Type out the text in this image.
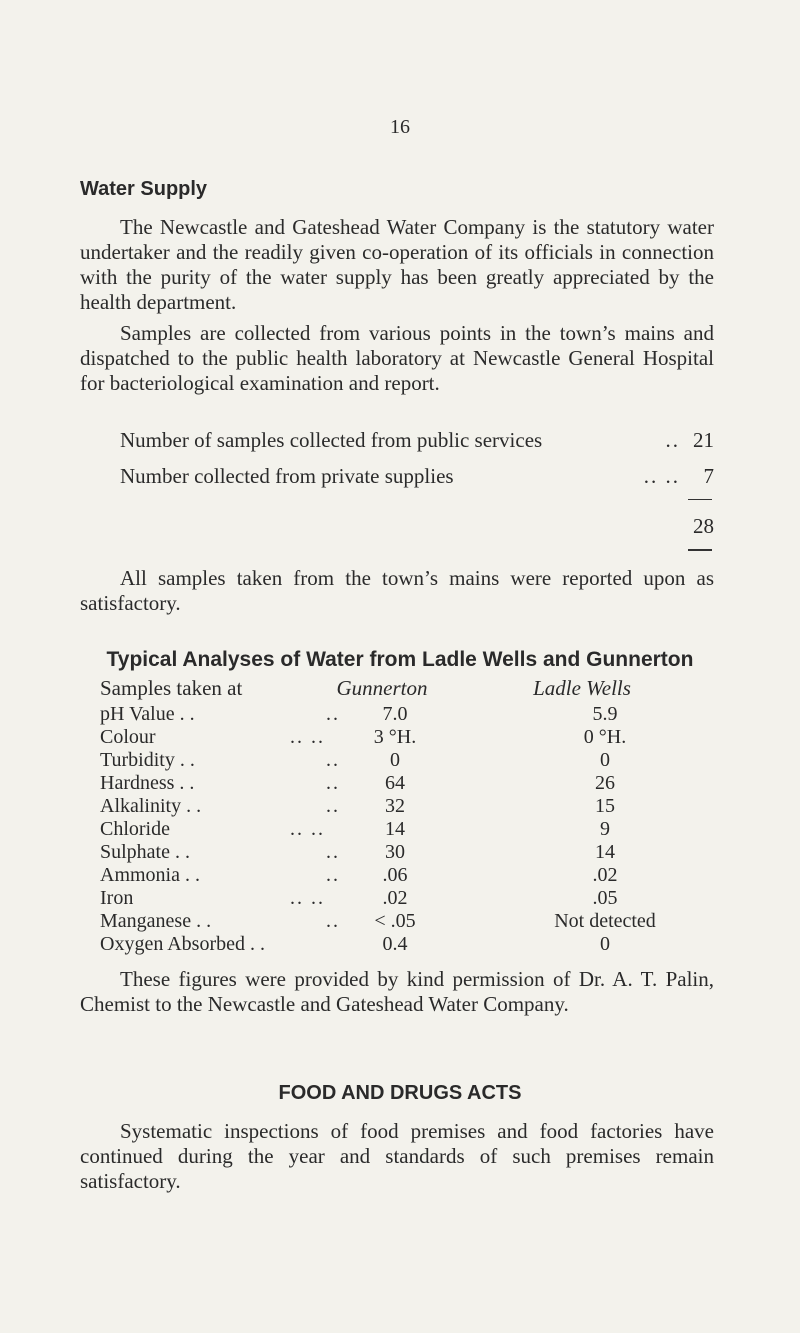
16
Water Supply
The Newcastle and Gateshead Water Company is the statutory water undertaker and the readily given co-operation of its officials in connection with the purity of the water supply has been greatly appreciated by the health department.
Samples are collected from various points in the town’s mains and dispatched to the public health laboratory at Newcastle General Hospital for bacteriological examination and report.
Number of samples collected from public services	.. 21
Number collected from private supplies	.. .. 7
28
All samples taken from the town’s mains were reported upon as satisfactory.
Typical Analyses of Water from Ladle Wells and Gunnerton
Samples taken at	Gunnerton	Ladle Wells
pH Value . .	..	7.0	5.9
Colour	.. ..	3 °H.	0 °H.
Turbidity . .	..	0	0
Hardness . .	..	64	26
Alkalinity . .	..	32	15
Chloride	.. ..	14	9
Sulphate . .	..	30	14
Ammonia . .	..	.06	.02
Iron	.. ..	.02	.05
Manganese . .	..	< .05	Not detected
Oxygen Absorbed . .	0.4	0
These figures were provided by kind permission of Dr. A. T. Palin, Chemist to the Newcastle and Gateshead Water Company.
FOOD AND DRUGS ACTS
Systematic inspections of food premises and food factories have continued during the year and standards of such premises remain satisfactory.
